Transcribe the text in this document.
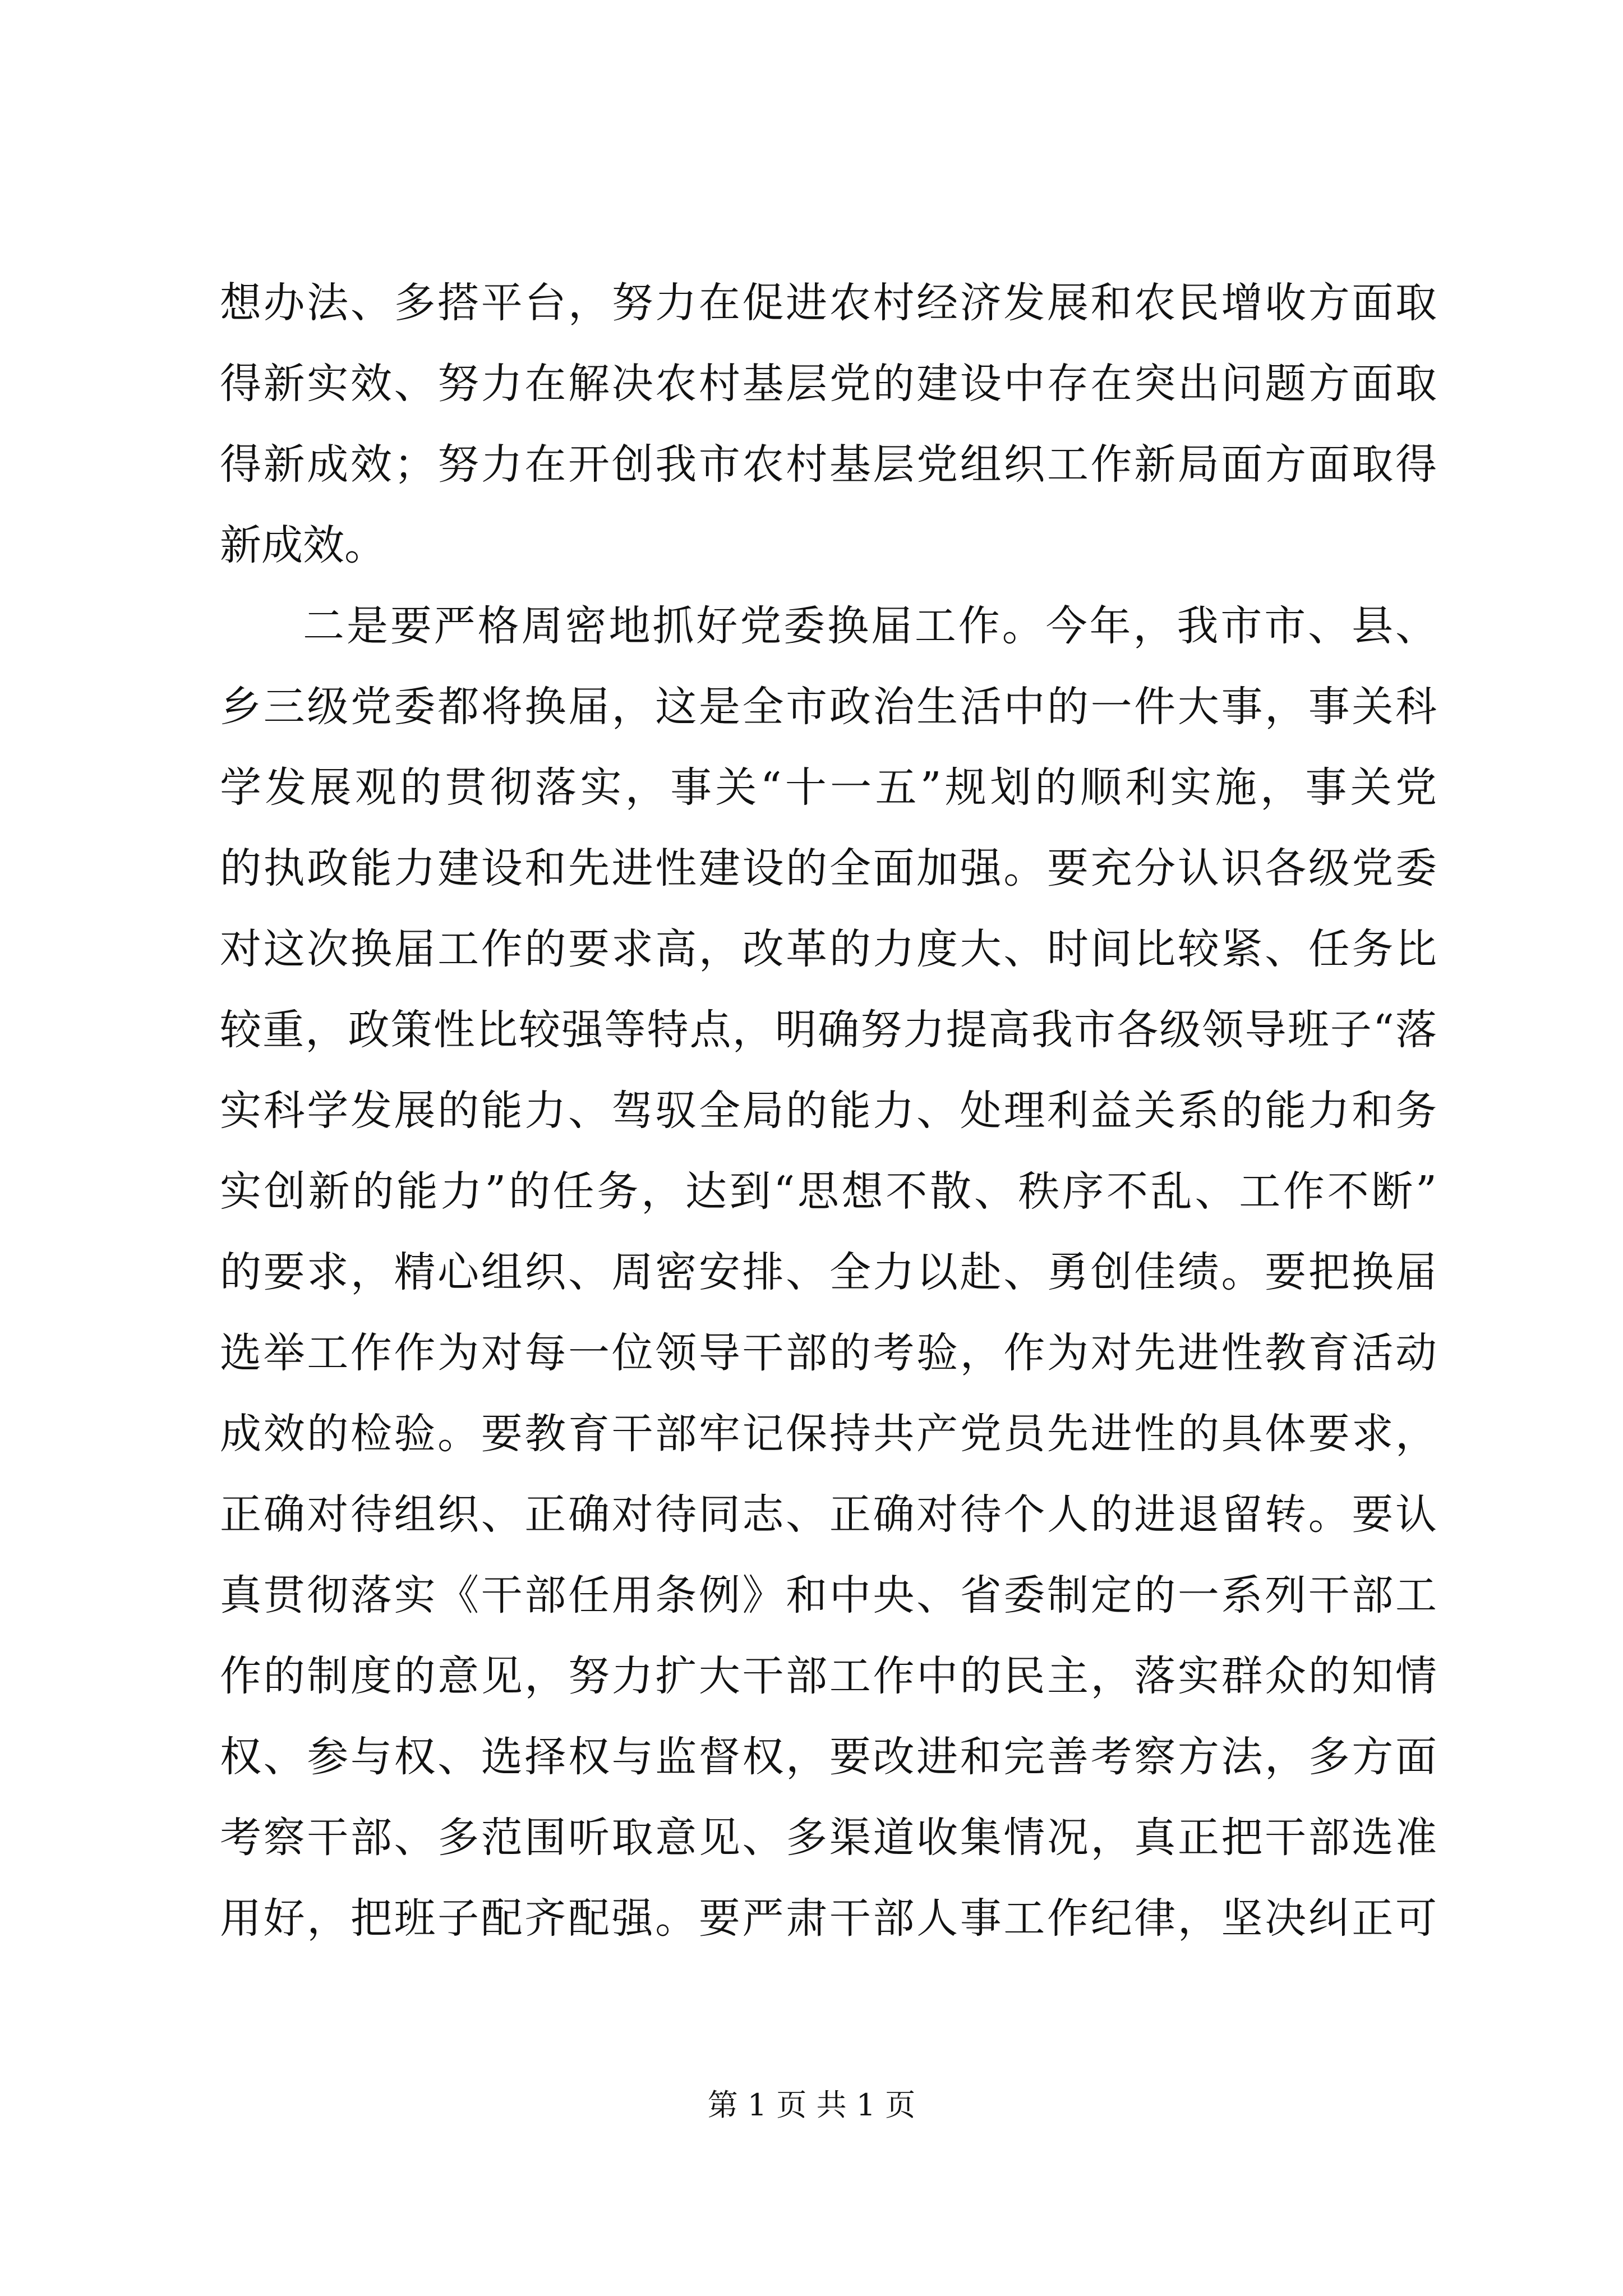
想办法、多搭平台，努力在促进农村经济发展和农民增收方面取
得新实效、努力在解决农村基层党的建设中存在突出问题方面取
得新成效；努力在开创我市农村基层党组织工作新局面方面取得
新成效。
二是要严格周密地抓好党委换届工作。今年，我市市、县、
乡三级党委都将换届，这是全市政治生活中的一件大事，事关科
学发展观的贯彻落实，事关“十一五”规划的顺利实施，事关党
的执政能力建设和先进性建设的全面加强。要充分认识各级党委
对这次换届工作的要求高，改革的力度大、时间比较紧、任务比
较重，政策性比较强等特点，明确努力提高我市各级领导班子“落
实科学发展的能力、驾驭全局的能力、处理利益关系的能力和务
实创新的能力”的任务，达到“思想不散、秩序不乱、工作不断”
的要求，精心组织、周密安排、全力以赴、勇创佳绩。要把换届
选举工作作为对每一位领导干部的考验，作为对先进性教育活动
成效的检验。要教育干部牢记保持共产党员先进性的具体要求，
正确对待组织、正确对待同志、正确对待个人的进退留转。要认
真贯彻落实《干部任用条例》和中央、省委制定的一系列干部工
作的制度的意见，努力扩大干部工作中的民主，落实群众的知情
权、参与权、选择权与监督权，要改进和完善考察方法，多方面
考察干部、多范围听取意见、多渠道收集情况，真正把干部选准
用好，把班子配齐配强。要严肃干部人事工作纪律，坚决纠正可
第 1 页 共 1 页
